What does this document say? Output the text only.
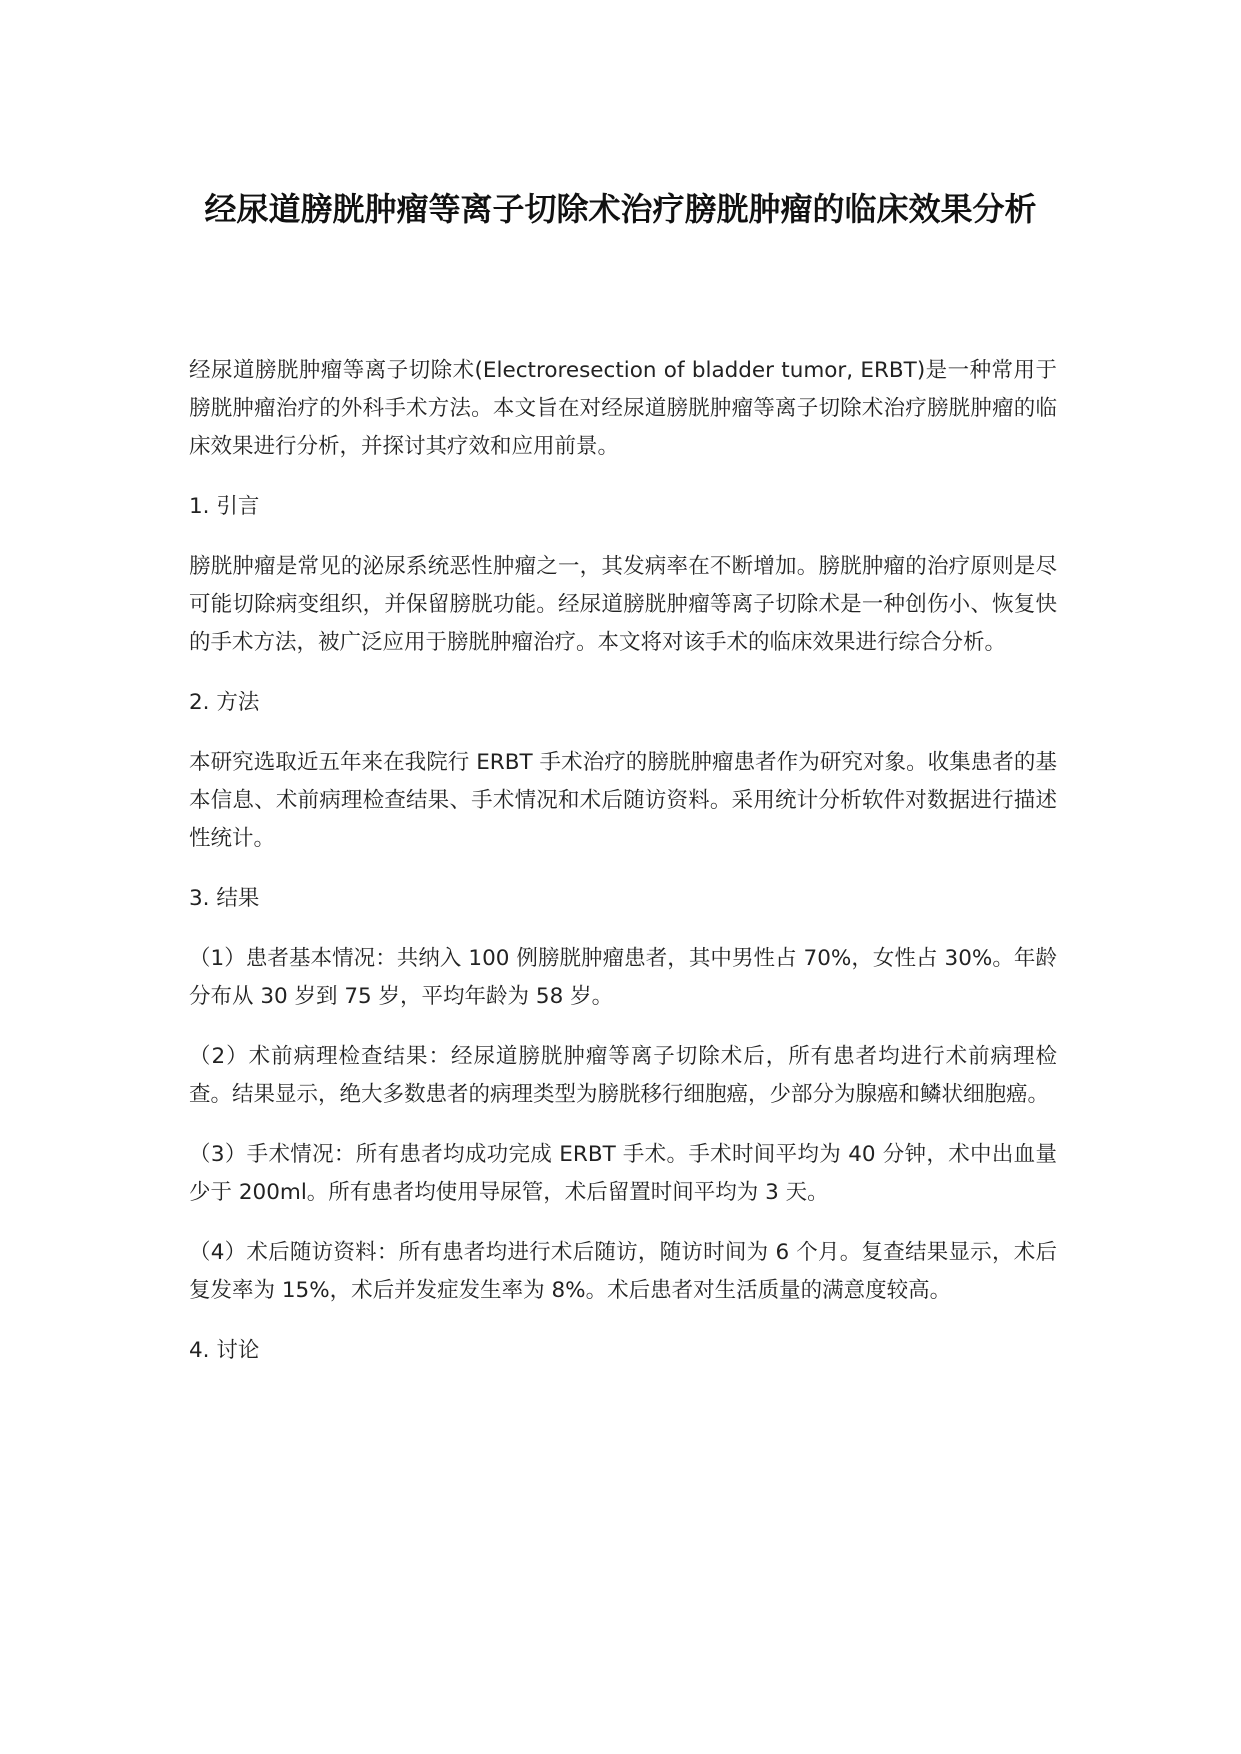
经尿道膀胱肿瘤等离子切除术治疗膀胱肿瘤的临床效果分析

经尿道膀胱肿瘤等离子切除术(Electroresection of bladder tumor, ERBT)是一种常用于膀胱肿瘤治疗的外科手术方法。本文旨在对经尿道膀胱肿瘤等离子切除术治疗膀胱肿瘤的临床效果进行分析，并探讨其疗效和应用前景。

1. 引言

膀胱肿瘤是常见的泌尿系统恶性肿瘤之一，其发病率在不断增加。膀胱肿瘤的治疗原则是尽可能切除病变组织，并保留膀胱功能。经尿道膀胱肿瘤等离子切除术是一种创伤小、恢复快的手术方法，被广泛应用于膀胱肿瘤治疗。本文将对该手术的临床效果进行综合分析。

2. 方法

本研究选取近五年来在我院行 ERBT 手术治疗的膀胱肿瘤患者作为研究对象。收集患者的基本信息、术前病理检查结果、手术情况和术后随访资料。采用统计分析软件对数据进行描述性统计。

3. 结果

（1）患者基本情况：共纳入 100 例膀胱肿瘤患者，其中男性占 70%，女性占 30%。年龄分布从 30 岁到 75 岁，平均年龄为 58 岁。

（2）术前病理检查结果：经尿道膀胱肿瘤等离子切除术后，所有患者均进行术前病理检查。结果显示，绝大多数患者的病理类型为膀胱移行细胞癌，少部分为腺癌和鳞状细胞癌。

（3）手术情况：所有患者均成功完成 ERBT 手术。手术时间平均为 40 分钟，术中出血量少于 200ml。所有患者均使用导尿管，术后留置时间平均为 3 天。

（4）术后随访资料：所有患者均进行术后随访，随访时间为 6 个月。复查结果显示，术后复发率为 15%，术后并发症发生率为 8%。术后患者对生活质量的满意度较高。

4. 讨论
